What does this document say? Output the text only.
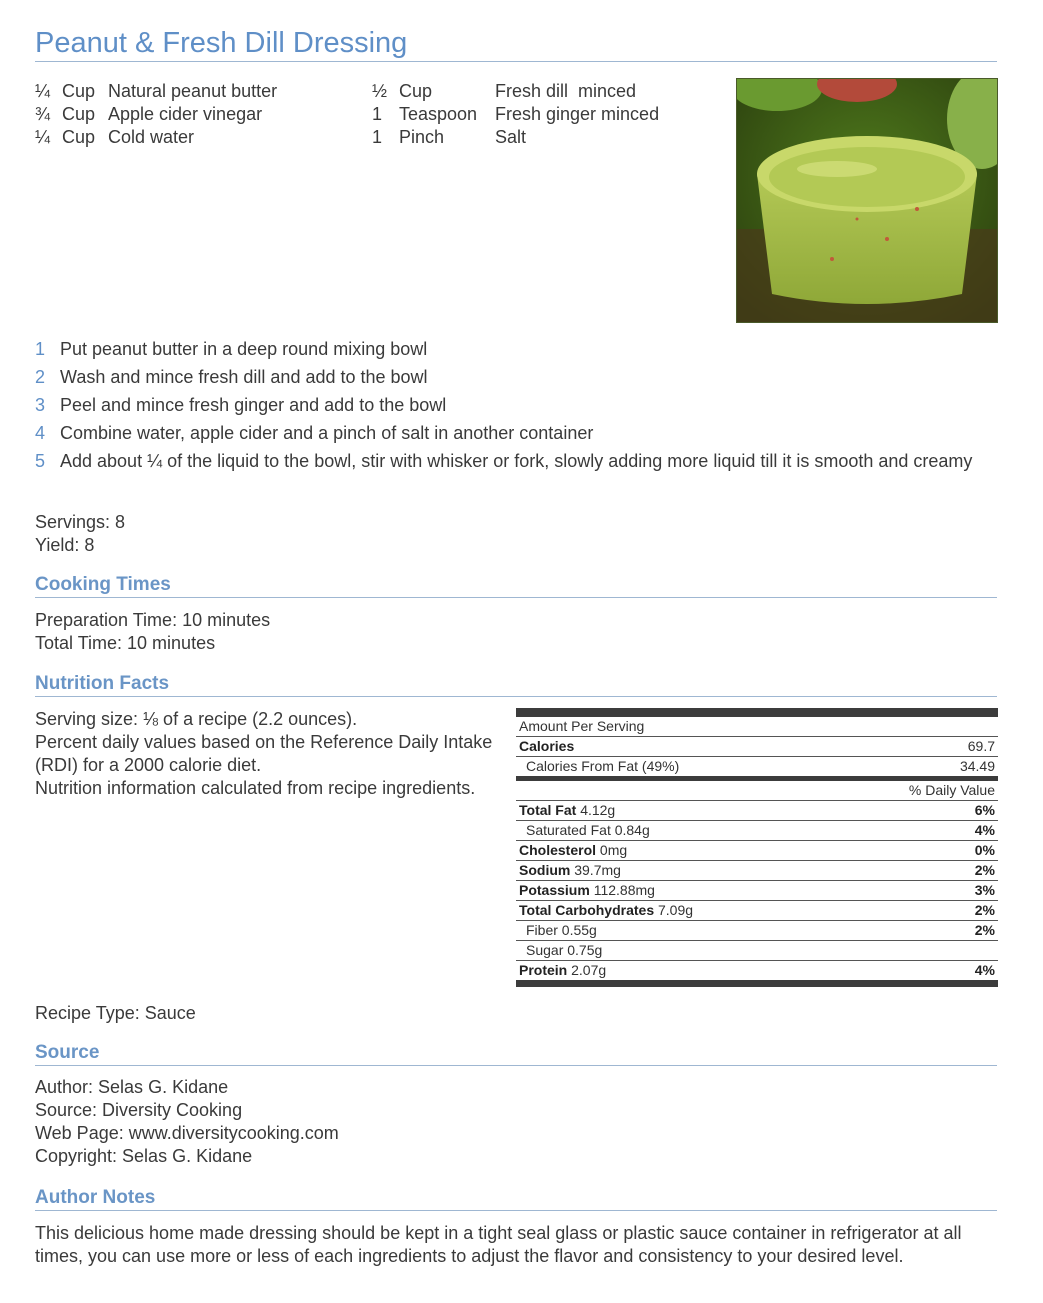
Peanut & Fresh Dill Dressing
¼ Cup Natural peanut butter
¾ Cup Apple cider vinegar
¼ Cup Cold water
½ Cup	Fresh dill  minced
1 Teaspoon Fresh ginger minced
1 Pinch	Salt
1 Put peanut butter in a deep round mixing bowl
2 Wash and mince fresh dill and add to the bowl
3 Peel and mince fresh ginger and add to the bowl
4 Combine water, apple cider and a pinch of salt in another container
5 Add about ¼ of the liquid to the bowl, stir with whisker or fork, slowly adding more liquid till it is smooth and creamy
Servings: 8
Yield: 8
Cooking Times
Preparation Time: 10 minutes
Total Time: 10 minutes
Nutrition Facts
Serving size: ⅛ of a recipe (2.2 ounces).
Percent daily values based on the Reference Daily Intake (RDI) for a 2000 calorie diet.
Nutrition information calculated from recipe ingredients.
Amount Per Serving
Calories	69.7
Calories From Fat (49%)	34.49
% Daily Value
Total Fat 4.12g	6%
Saturated Fat 0.84g	4%
Cholesterol 0mg	0%
Sodium 39.7mg	2%
Potassium 112.88mg	3%
Total Carbohydrates 7.09g	2%
Fiber 0.55g	2%
Sugar 0.75g
Protein 2.07g	4%
Recipe Type: Sauce
Source
Author: Selas G. Kidane
Source: Diversity Cooking
Web Page: www.diversitycooking.com
Copyright: Selas G. Kidane
Author Notes
This delicious home made dressing should be kept in a tight seal glass or plastic sauce container in refrigerator at all times, you can use more or less of each ingredients to adjust the flavor and consistency to your desired level.
